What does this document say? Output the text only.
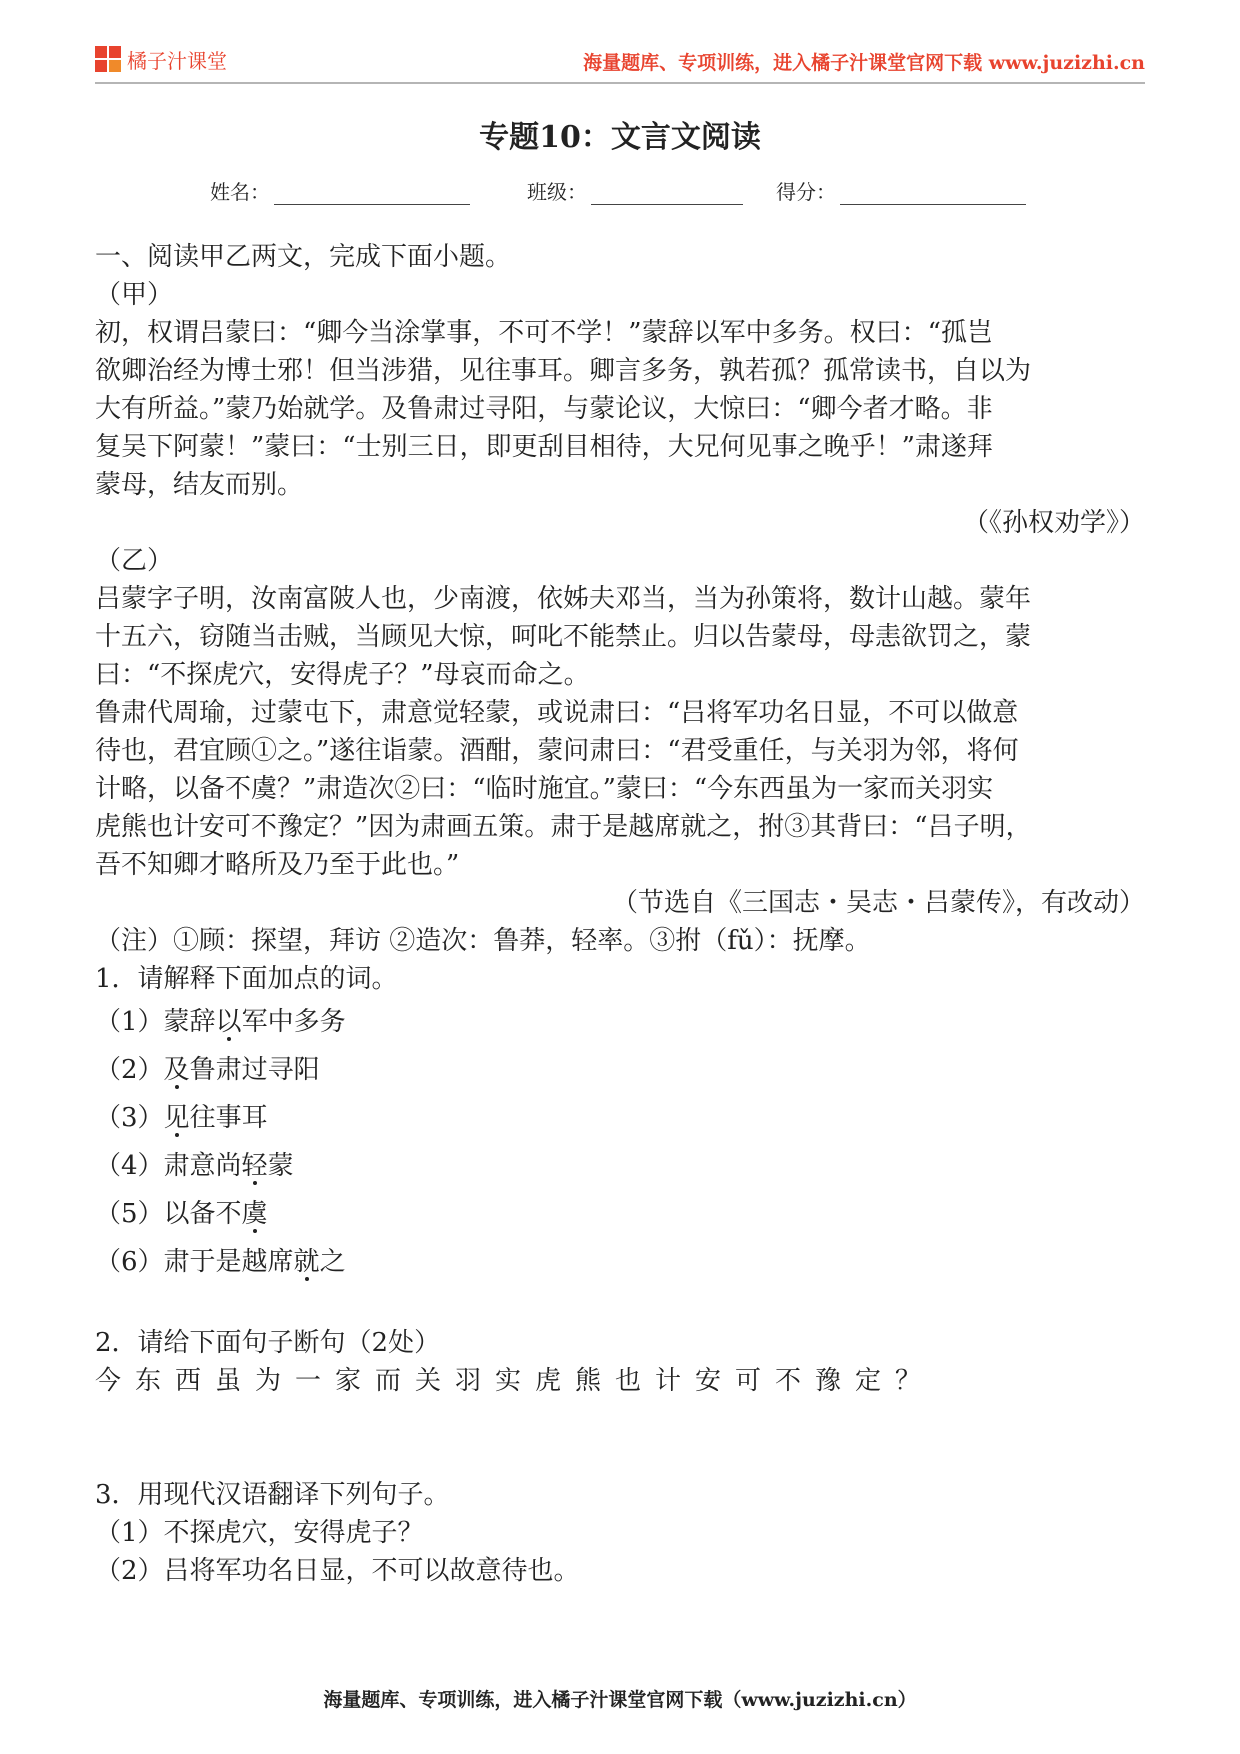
橘子汁课堂	海量题库、专项训练，进入橘子汁课堂官网下载 www.juzizhi.cn
专题10：文言文阅读
姓名：	班级：	得分：

一、阅读甲乙两文，完成下面小题。

（甲）

初，权谓吕蒙曰：“卿今当涂掌事，不可不学！”蒙辞以军中多务。权曰：“孤岂

欲卿治经为博士邪！但当涉猎，见往事耳。卿言多务，孰若孤？孤常读书，自以为

大有所益。”蒙乃始就学。及鲁肃过寻阳，与蒙论议，大惊曰：“卿今者才略。非

复吴下阿蒙！”蒙曰：“士别三日，即更刮目相待，大兄何见事之晚乎！”肃遂拜

蒙母，结友而别。

（《孙权劝学》）

（乙）

吕蒙字子明，汝南富陂人也，少南渡，依姊夫邓当，当为孙策将，数计山越。蒙年

十五六，窃随当击贼，当顾见大惊，呵叱不能禁止。归以告蒙母，母恚欲罚之，蒙

曰：“不探虎穴，安得虎子？”母哀而命之。

鲁肃代周瑜，过蒙屯下，肃意觉轻蒙，或说肃曰：“吕将军功名日显，不可以做意

待也，君宜顾①之。”遂往诣蒙。酒酣，蒙问肃曰：“君受重任，与关羽为邻，将何

计略，以备不虞？”肃造次②曰：“临时施宜。”蒙曰：“今东西虽为一家而关羽实

虎熊也计安可不豫定？”因为肃画五策。肃于是越席就之，拊③其背曰：“吕子明，

吾不知卿才略所及乃至于此也。”

（节选自《三国志・吴志・吕蒙传》，有改动）

（注）①顾：探望，拜访 ②造次：鲁莽，轻率。③拊（fǔ）：抚摩。

1．请解释下面加点的词。

（1）蒙辞以军中多务

（2）及鲁肃过寻阳

（3）见往事耳

（4）肃意尚轻蒙

（5）以备不虞

（6）肃于是越席就之

2．请给下面句子断句（2处）

今东西虽为一家而关羽实虎熊也计安可不豫定？

3．用现代汉语翻译下列句子。

（1）不探虎穴，安得虎子？

（2）吕将军功名日显，不可以故意待也。

海量题库、专项训练，进入橘子汁课堂官网下载（www.juzizhi.cn）
